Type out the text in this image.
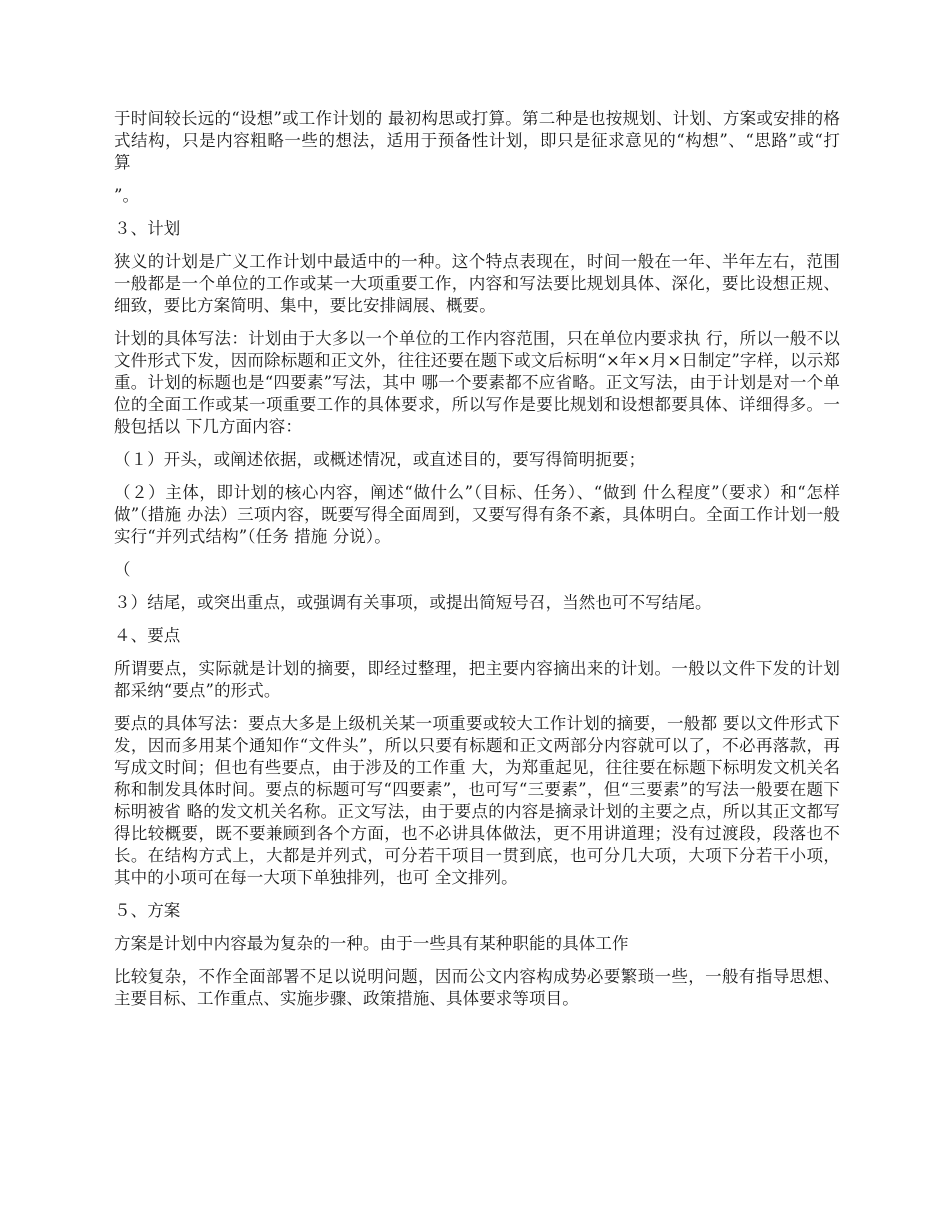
于时间较长远的“设想”或工作计划的 最初构思或打算。第二种是也按规划、计划、方案或安排的格式结构，只是内容粗略一些的想法，适用于预备性计划，即只是征求意见的“构想”、“思路”或“打 算

”。

３、计划

狭义的计划是广义工作计划中最适中的一种。这个特点表现在，时间一般在一年、半年左右，范围一般都是一个单位的工作或某一大项重要工作，内容和写法要比规划具体、深化，要比设想正规、细致，要比方案简明、集中，要比安排阔展、概要。

计划的具体写法：计划由于大多以一个单位的工作内容范围，只在单位内要求执 行，所以一般不以文件形式下发，因而除标题和正文外，往往还要在题下或文后标明“×年×月×日制定”字样，以示郑重。计划的标题也是“四要素”写法，其中 哪一个要素都不应省略。正文写法，由于计划是对一个单位的全面工作或某一项重要工作的具体要求，所以写作是要比规划和设想都要具体、详细得多。一般包括以 下几方面内容：

（１）开头，或阐述依据，或概述情况，或直述目的，要写得简明扼要；

（２）主体，即计划的核心内容，阐述“做什么”（目标、任务）、“做到 什么程度”（要求）和“怎样做”（措施 办法）三项内容，既要写得全面周到，又要写得有条不紊，具体明白。全面工作计划一般实行“并列式结构”（任务 措施 分说）。

（

３）结尾，或突出重点，或强调有关事项，或提出简短号召，当然也可不写结尾。

４、要点

所谓要点，实际就是计划的摘要，即经过整理，把主要内容摘出来的计划。一般以文件下发的计划都采纳“要点”的形式。

要点的具体写法：要点大多是上级机关某一项重要或较大工作计划的摘要，一般都 要以文件形式下发，因而多用某个通知作“文件头”，所以只要有标题和正文两部分内容就可以了，不必再落款，再写成文时间；但也有些要点，由于涉及的工作重 大，为郑重起见，往往要在标题下标明发文机关名称和制发具体时间。要点的标题可写“四要素”，也可写“三要素”，但“三要素”的写法一般要在题下标明被省 略的发文机关名称。正文写法，由于要点的内容是摘录计划的主要之点，所以其正文都写得比较概要，既不要兼顾到各个方面，也不必讲具体做法，更不用讲道理；没有过渡段，段落也不长。在结构方式上，大都是并列式，可分若干项目一贯到底，也可分几大项，大项下分若干小项，其中的小项可在每一大项下单独排列，也可 全文排列。

５、方案

方案是计划中内容最为复杂的一种。由于一些具有某种职能的具体工作

比较复杂，不作全面部署不足以说明问题，因而公文内容构成势必要繁琐一些，一般有指导思想、主要目标、工作重点、实施步骤、政策措施、具体要求等项目。
